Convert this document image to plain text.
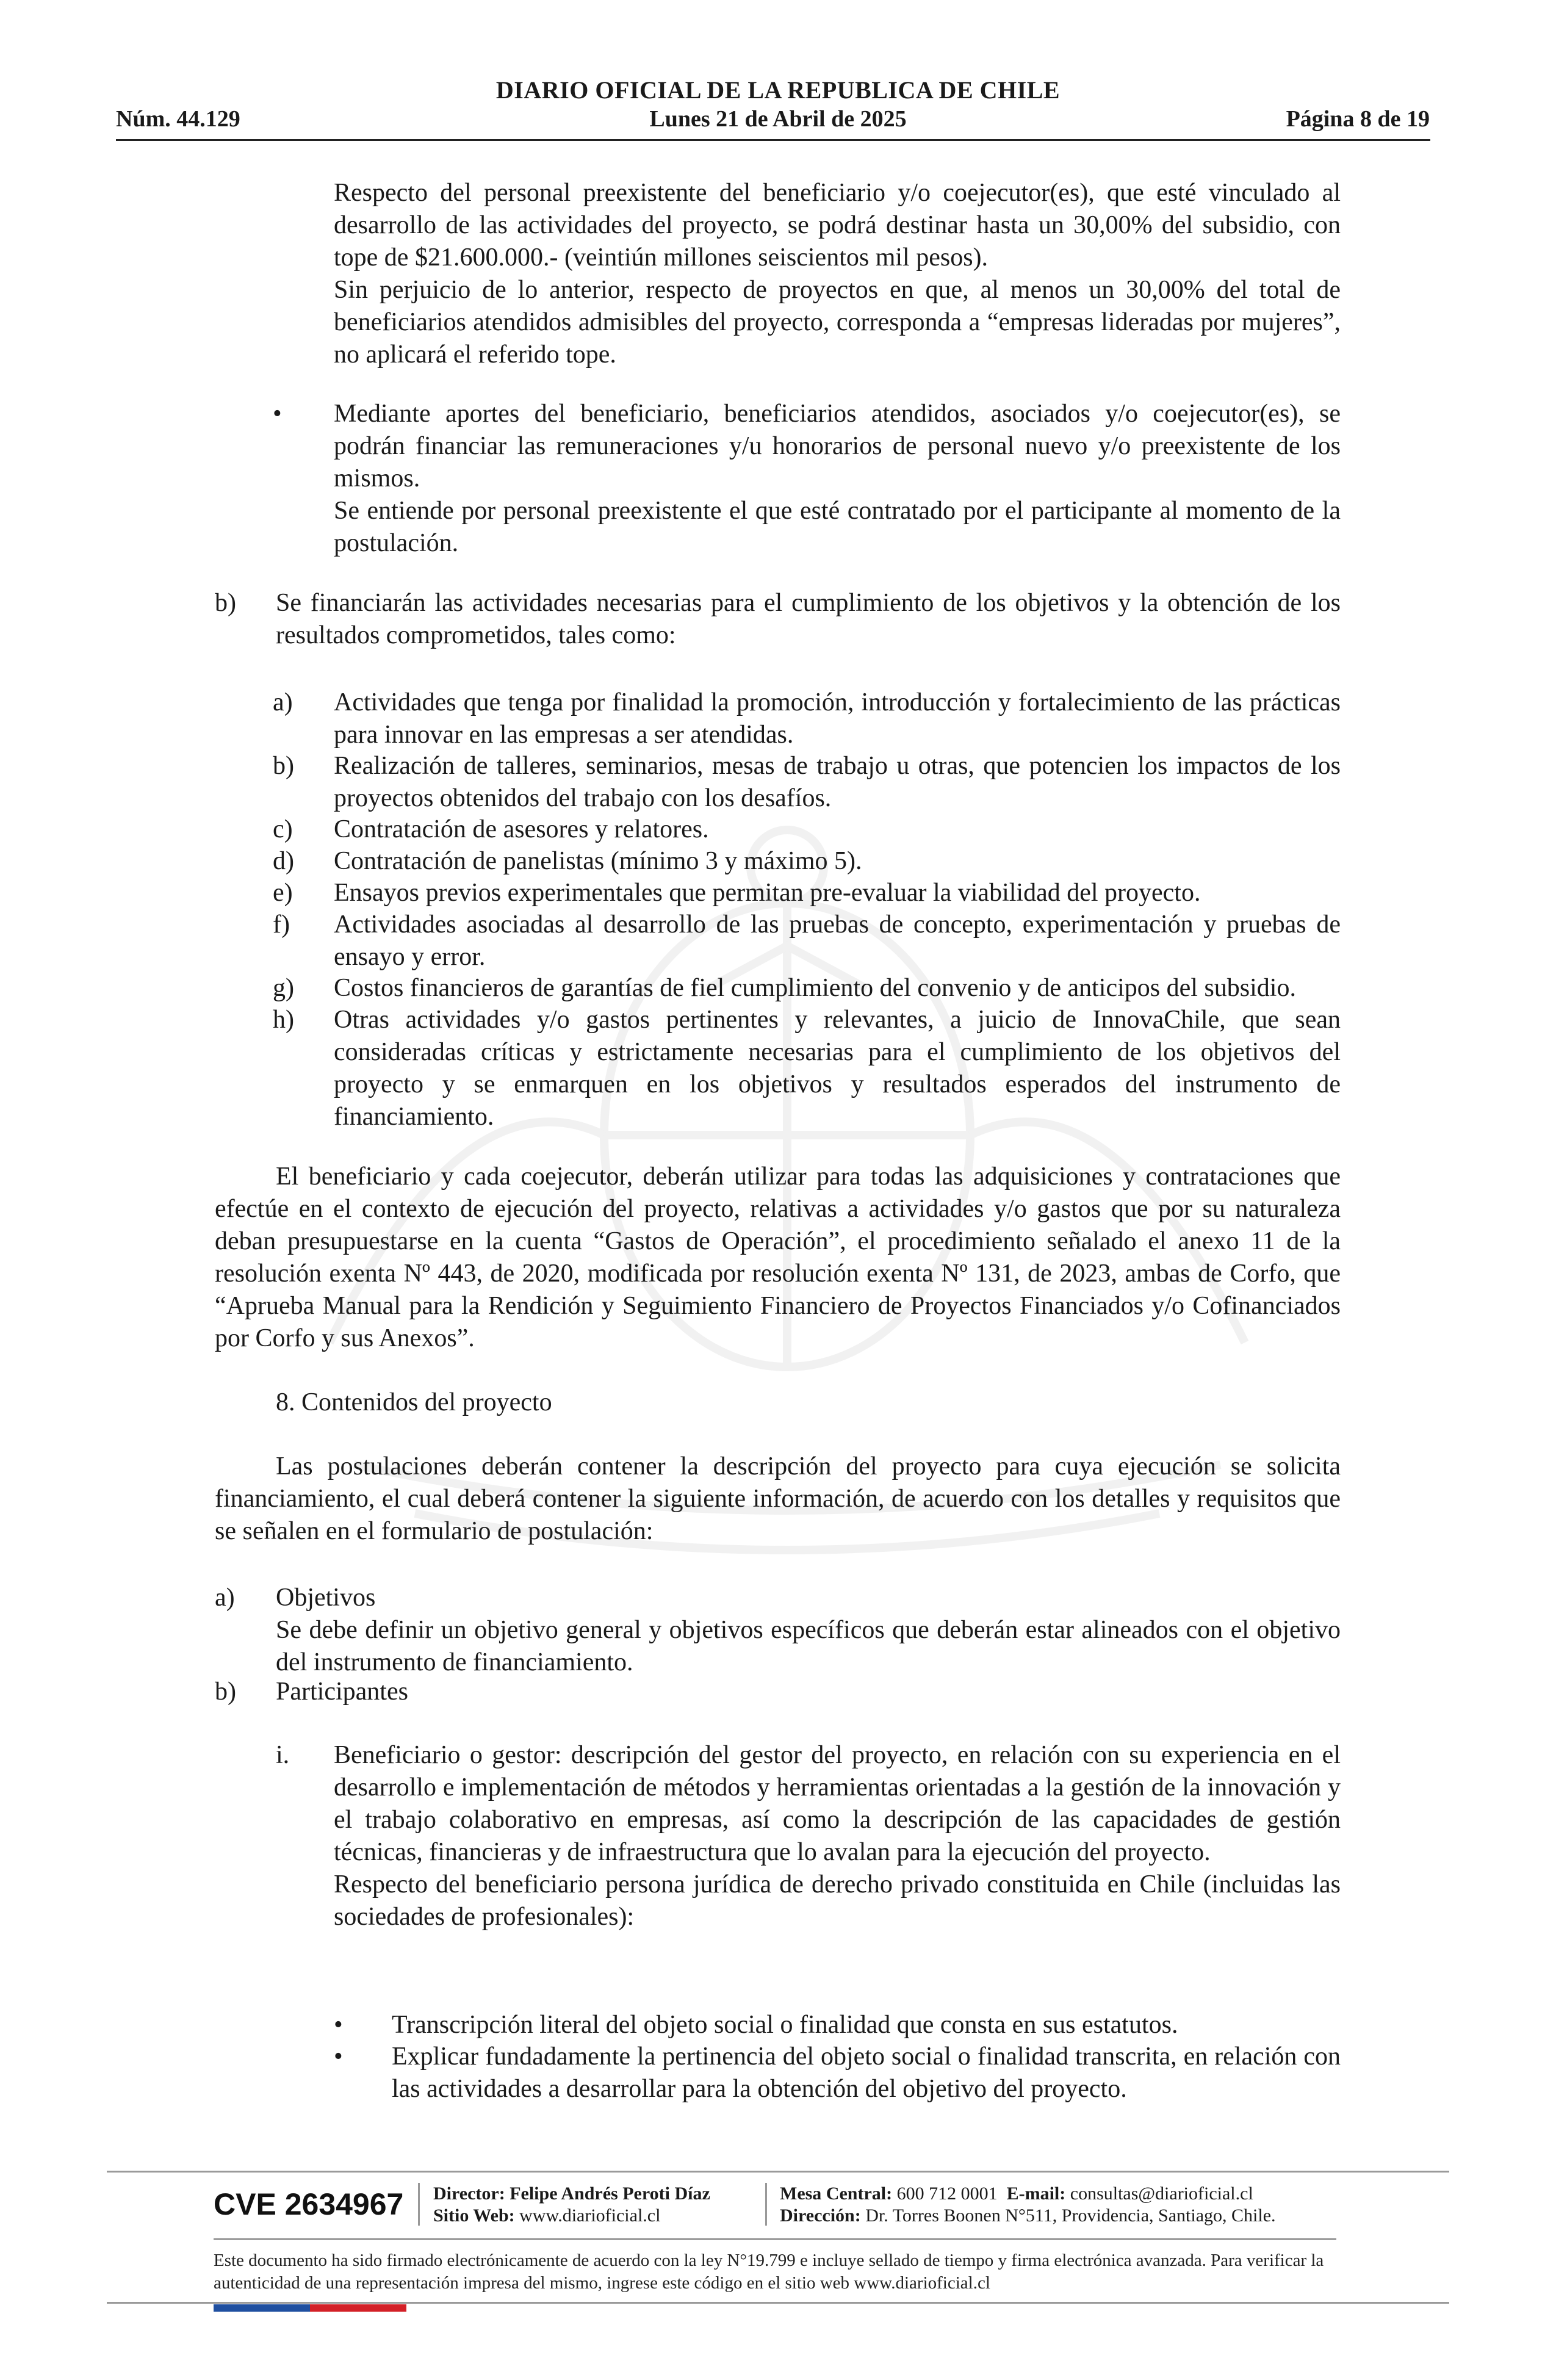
DIARIO OFICIAL DE LA REPUBLICA DE CHILE
Núm. 44.129	Lunes 21 de Abril de 2025	Página 8 de 19

Respecto del personal preexistente del beneficiario y/o coejecutor(es), que esté vinculado al desarrollo de las actividades del proyecto, se podrá destinar hasta un 30,00% del subsidio, con tope de $21.600.000.- (veintiún millones seiscientos mil pesos).

Sin perjuicio de lo anterior, respecto de proyectos en que, al menos un 30,00% del total de beneficiarios atendidos admisibles del proyecto, corresponda a “empresas lideradas por mujeres”, no aplicará el referido tope.

• Mediante aportes del beneficiario, beneficiarios atendidos, asociados y/o coejecutor(es), se podrán financiar las remuneraciones y/u honorarios de personal nuevo y/o preexistente de los mismos.

Se entiende por personal preexistente el que esté contratado por el participante al momento de la postulación.

b) Se financiarán las actividades necesarias para el cumplimiento de los objetivos y la obtención de los resultados comprometidos, tales como:

a) Actividades que tenga por finalidad la promoción, introducción y fortalecimiento de las prácticas para innovar en las empresas a ser atendidas.

b) Realización de talleres, seminarios, mesas de trabajo u otras, que potencien los impactos de los proyectos obtenidos del trabajo con los desafíos.

c) Contratación de asesores y relatores.

d) Contratación de panelistas (mínimo 3 y máximo 5).

e) Ensayos previos experimentales que permitan pre-evaluar la viabilidad del proyecto.

f) Actividades asociadas al desarrollo de las pruebas de concepto, experimentación y pruebas de ensayo y error.

g) Costos financieros de garantías de fiel cumplimiento del convenio y de anticipos del subsidio.

h) Otras actividades y/o gastos pertinentes y relevantes, a juicio de InnovaChile, que sean consideradas críticas y estrictamente necesarias para el cumplimiento de los objetivos del proyecto y se enmarquen en los objetivos y resultados esperados del instrumento de financiamiento.

El beneficiario y cada coejecutor, deberán utilizar para todas las adquisiciones y contrataciones que efectúe en el contexto de ejecución del proyecto, relativas a actividades y/o gastos que por su naturaleza deban presupuestarse en la cuenta “Gastos de Operación”, el procedimiento señalado el anexo 11 de la resolución exenta Nº 443, de 2020, modificada por resolución exenta Nº 131, de 2023, ambas de Corfo, que “Aprueba Manual para la Rendición y Seguimiento Financiero de Proyectos Financiados y/o Cofinanciados por Corfo y sus Anexos”.

8. Contenidos del proyecto

Las postulaciones deberán contener la descripción del proyecto para cuya ejecución se solicita financiamiento, el cual deberá contener la siguiente información, de acuerdo con los detalles y requisitos que se señalen en el formulario de postulación:

a) Objetivos

Se debe definir un objetivo general y objetivos específicos que deberán estar alineados con el objetivo del instrumento de financiamiento.

b) Participantes

i. Beneficiario o gestor: descripción del gestor del proyecto, en relación con su experiencia en el desarrollo e implementación de métodos y herramientas orientadas a la gestión de la innovación y el trabajo colaborativo en empresas, así como la descripción de las capacidades de gestión técnicas, financieras y de infraestructura que lo avalan para la ejecución del proyecto.

Respecto del beneficiario persona jurídica de derecho privado constituida en Chile (incluidas las sociedades de profesionales):

• Transcripción literal del objeto social o finalidad que consta en sus estatutos.

• Explicar fundadamente la pertinencia del objeto social o finalidad transcrita, en relación con las actividades a desarrollar para la obtención del objetivo del proyecto.

CVE 2634967 Director: Felipe Andrés Peroti Díaz
Sitio Web: www.diarioficial.cl
Mesa Central: 600 712 0001 E-mail: consultas@diarioficial.cl
Dirección: Dr. Torres Boonen N°511, Providencia, Santiago, Chile.

Este documento ha sido firmado electrónicamente de acuerdo con la ley N°19.799 e incluye sellado de tiempo y firma electrónica avanzada. Para verificar la autenticidad de una representación impresa del mismo, ingrese este código en el sitio web www.diarioficial.cl
